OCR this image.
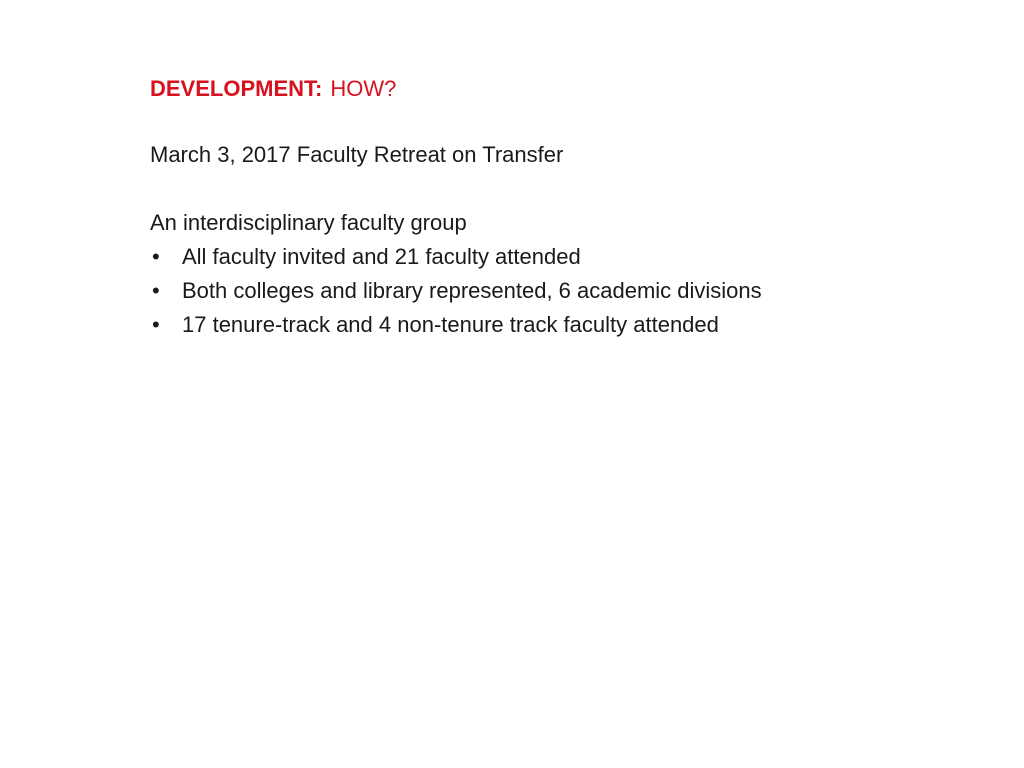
DEVELOPMENT: HOW?

March 3, 2017 Faculty Retreat on Transfer

An interdisciplinary faculty group

• All faculty invited and 21 faculty attended
• Both colleges and library represented, 6 academic divisions
• 17 tenure-track and 4 non-tenure track faculty attended
